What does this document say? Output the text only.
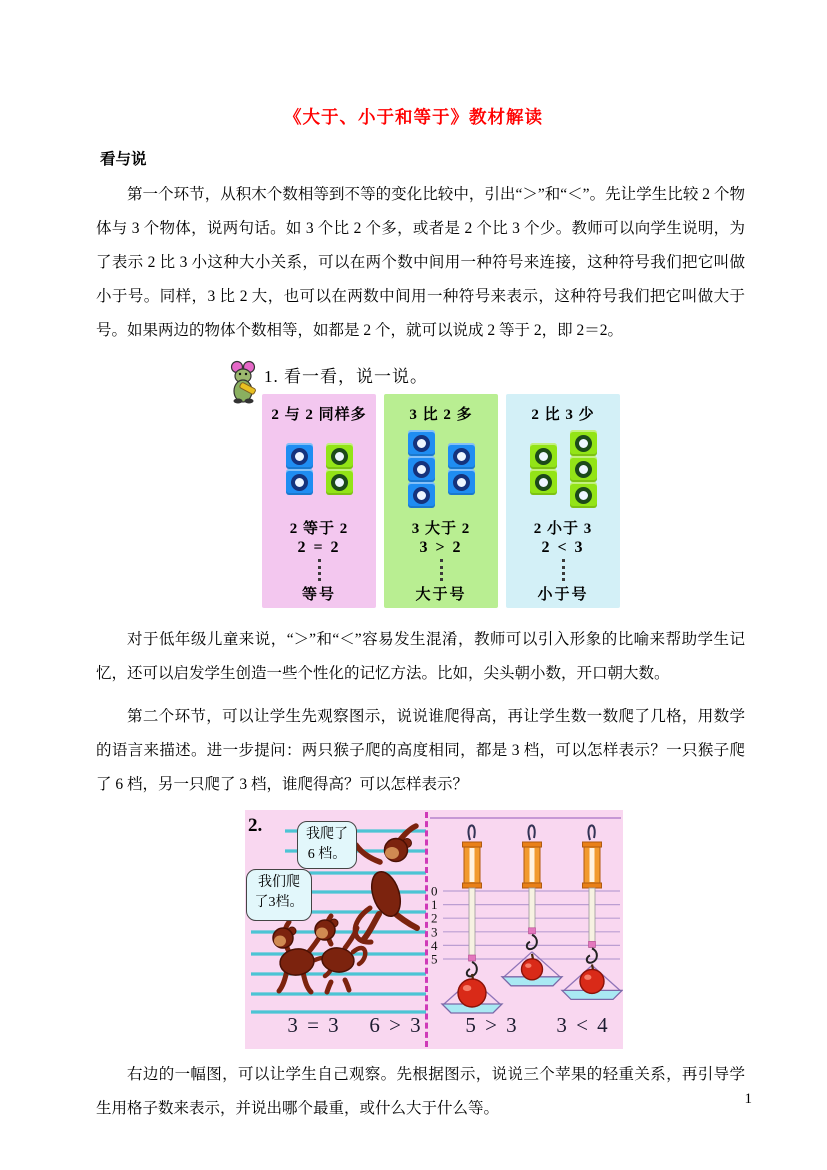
《大于、小于和等于》教材解读
看与说

第一个环节，从积木个数相等到不等的变化比较中，引出“＞”和“＜”。先让学生比较 2 个物体与 3 个物体，说两句话。如 3 个比 2 个多，或者是 2 个比 3 个少。教师可以向学生说明，为了表示 2 比 3 小这种大小关系，可以在两个数中间用一种符号来连接，这种符号我们把它叫做小于号。同样，3 比 2 大，也可以在两数中间用一种符号来表示，这种符号我们把它叫做大于号。如果两边的物体个数相等，如都是 2 个，就可以说成 2 等于 2，即 2＝2。

1. 看一看，说一说。
2 与 2 同样多
2 等于 2
2 = 2
等号
3 比 2 多
3 大于 2
3 > 2
大于号
2 比 3 少
2 小于 3
2 < 3
小于号

对于低年级儿童来说，“＞”和“＜”容易发生混淆，教师可以引入形象的比喻来帮助学生记忆，还可以启发学生创造一些个性化的记忆方法。比如，尖头朝小数，开口朝大数。

第二个环节，可以让学生先观察图示，说说谁爬得高，再让学生数一数爬了几格，用数学的语言来描述。进一步提问：两只猴子爬的高度相同，都是 3 档，可以怎样表示？一只猴子爬了 6 档，另一只爬了 3 档，谁爬得高？可以怎样表示？

2.	我爬了
6 档。
我们爬
了3档。
3 = 3	6 > 3
0
1
2
3
4
5
5 > 3	3 < 4

右边的一幅图，可以让学生自己观察。先根据图示，说说三个苹果的轻重关系，再引导学生用格子数来表示，并说出哪个最重，或什么大于什么等。

1
